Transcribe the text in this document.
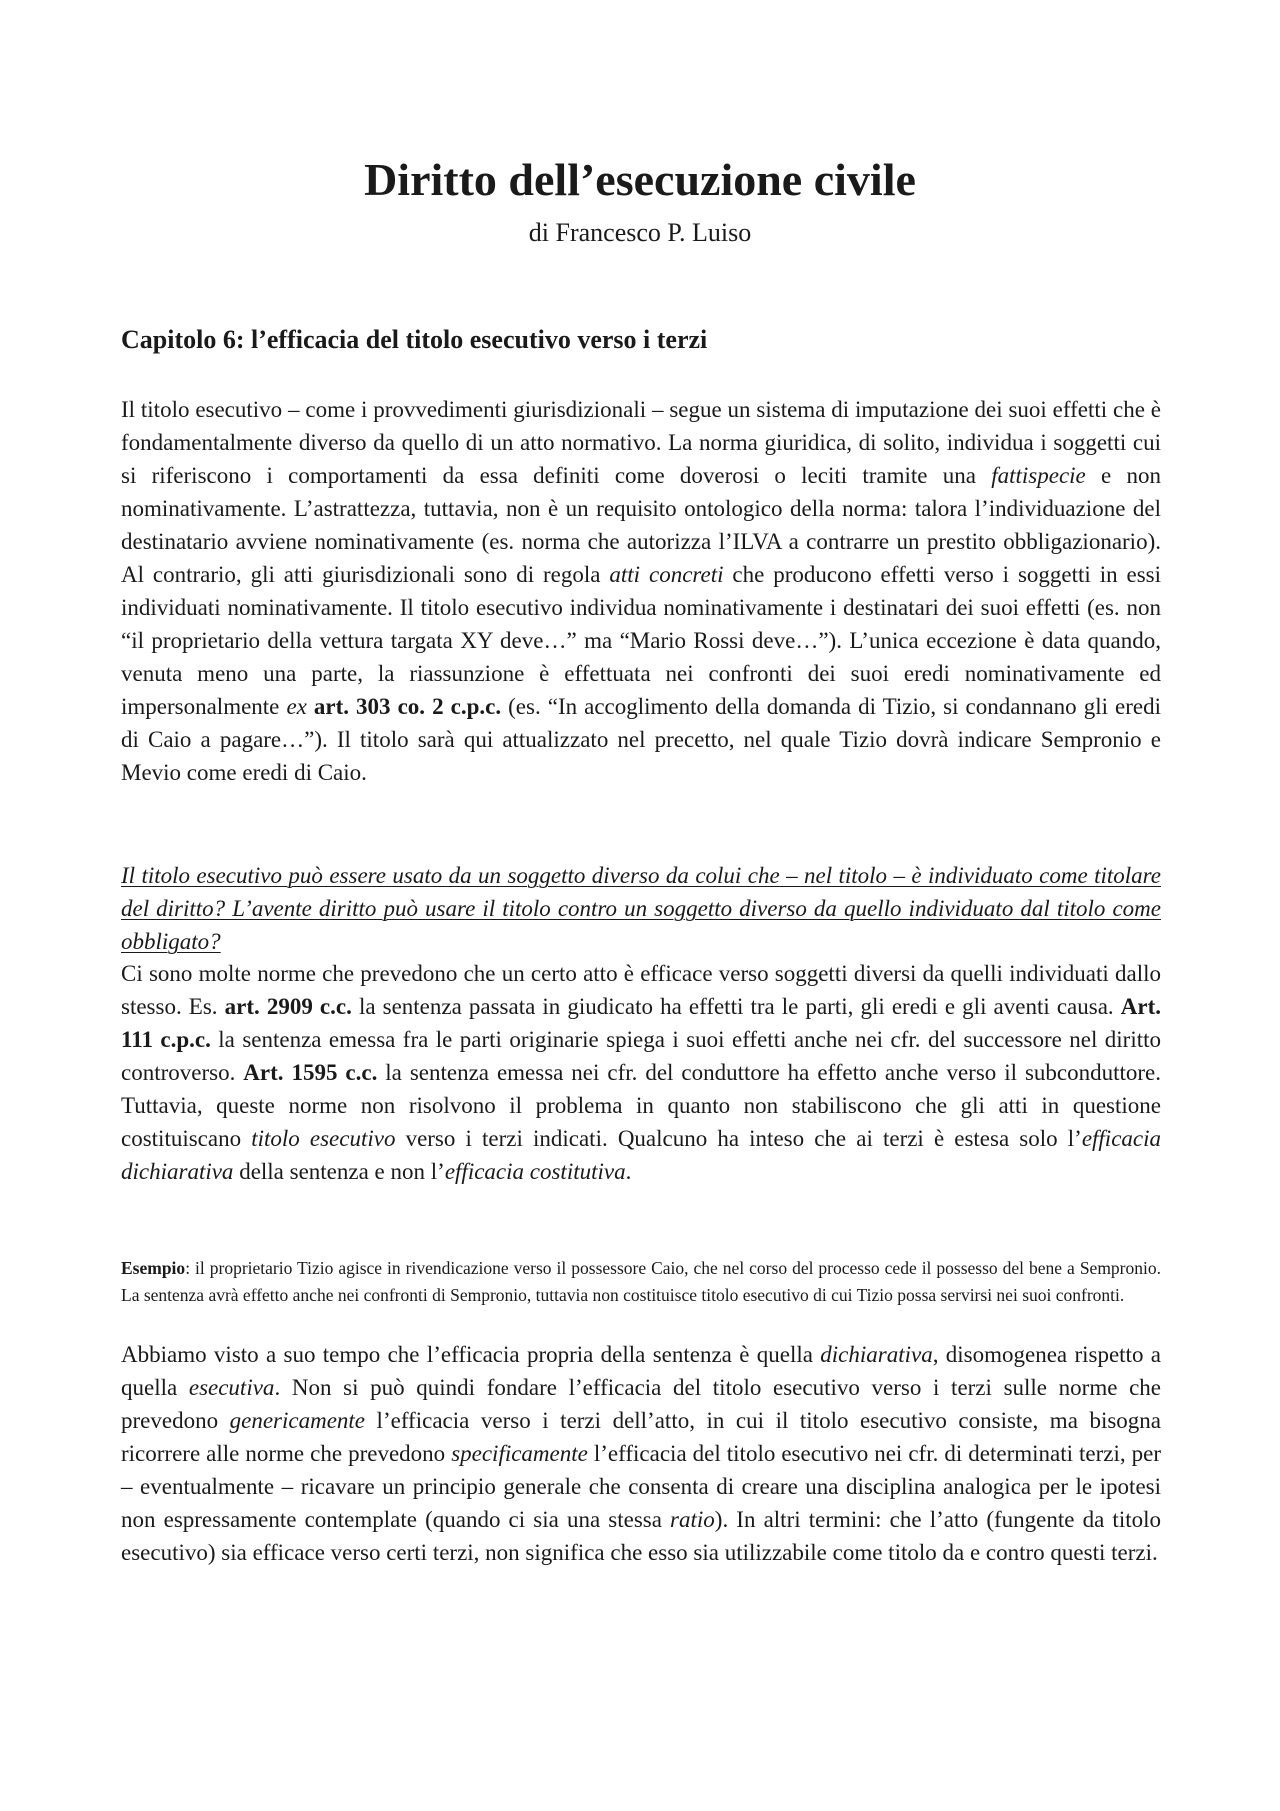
Diritto dell’esecuzione civile
di Francesco P. Luiso
Capitolo 6: l’efficacia del titolo esecutivo verso i terzi

Il titolo esecutivo – come i provvedimenti giurisdizionali – segue un sistema di imputazione dei suoi effetti che è fondamentalmente diverso da quello di un atto normativo. La norma giuridica, di solito, individua i soggetti cui si riferiscono i comportamenti da essa definiti come doverosi o leciti tramite una fattispecie e non nominativamente. L’astrattezza, tuttavia, non è un requisito ontologico della norma: talora l’individuazione del destinatario avviene nominativamente (es. norma che autorizza l’ILVA a contrarre un prestito obbligazionario). Al contrario, gli atti giurisdizionali sono di regola atti concreti che producono effetti verso i soggetti in essi individuati nominativamente. Il titolo esecutivo individua nominativamente i destinatari dei suoi effetti (es. non “il proprietario della vettura targata XY deve…” ma “Mario Rossi deve…”). L’unica eccezione è data quando, venuta meno una parte, la riassunzione è effettuata nei confronti dei suoi eredi nominativamente ed impersonalmente ex art. 303 co. 2 c.p.c. (es. “In accoglimento della domanda di Tizio, si condannano gli eredi di Caio a pagare…”). Il titolo sarà qui attualizzato nel precetto, nel quale Tizio dovrà indicare Sempronio e Mevio come eredi di Caio.

Il titolo esecutivo può essere usato da un soggetto diverso da colui che – nel titolo – è individuato come titolare del diritto? L’avente diritto può usare il titolo contro un soggetto diverso da quello individuato dal titolo come obbligato?

Ci sono molte norme che prevedono che un certo atto è efficace verso soggetti diversi da quelli individuati dallo stesso. Es. art. 2909 c.c. la sentenza passata in giudicato ha effetti tra le parti, gli eredi e gli aventi causa. Art. 111 c.p.c. la sentenza emessa fra le parti originarie spiega i suoi effetti anche nei cfr. del successore nel diritto controverso. Art. 1595 c.c. la sentenza emessa nei cfr. del conduttore ha effetto anche verso il subconduttore. Tuttavia, queste norme non risolvono il problema in quanto non stabiliscono che gli atti in questione costituiscano titolo esecutivo verso i terzi indicati. Qualcuno ha inteso che ai terzi è estesa solo l’efficacia dichiarativa della sentenza e non l’efficacia costitutiva.

Esempio: il proprietario Tizio agisce in rivendicazione verso il possessore Caio, che nel corso del processo cede il possesso del bene a Sempronio. La sentenza avrà effetto anche nei confronti di Sempronio, tuttavia non costituisce titolo esecutivo di cui Tizio possa servirsi nei suoi confronti.

Abbiamo visto a suo tempo che l’efficacia propria della sentenza è quella dichiarativa, disomogenea rispetto a quella esecutiva. Non si può quindi fondare l’efficacia del titolo esecutivo verso i terzi sulle norme che prevedono genericamente l’efficacia verso i terzi dell’atto, in cui il titolo esecutivo consiste, ma bisogna ricorrere alle norme che prevedono specificamente l’efficacia del titolo esecutivo nei cfr. di determinati terzi, per – eventualmente – ricavare un principio generale che consenta di creare una disciplina analogica per le ipotesi non espressamente contemplate (quando ci sia una stessa ratio). In altri termini: che l’atto (fungente da titolo esecutivo) sia efficace verso certi terzi, non significa che esso sia utilizzabile come titolo da e contro questi terzi.
